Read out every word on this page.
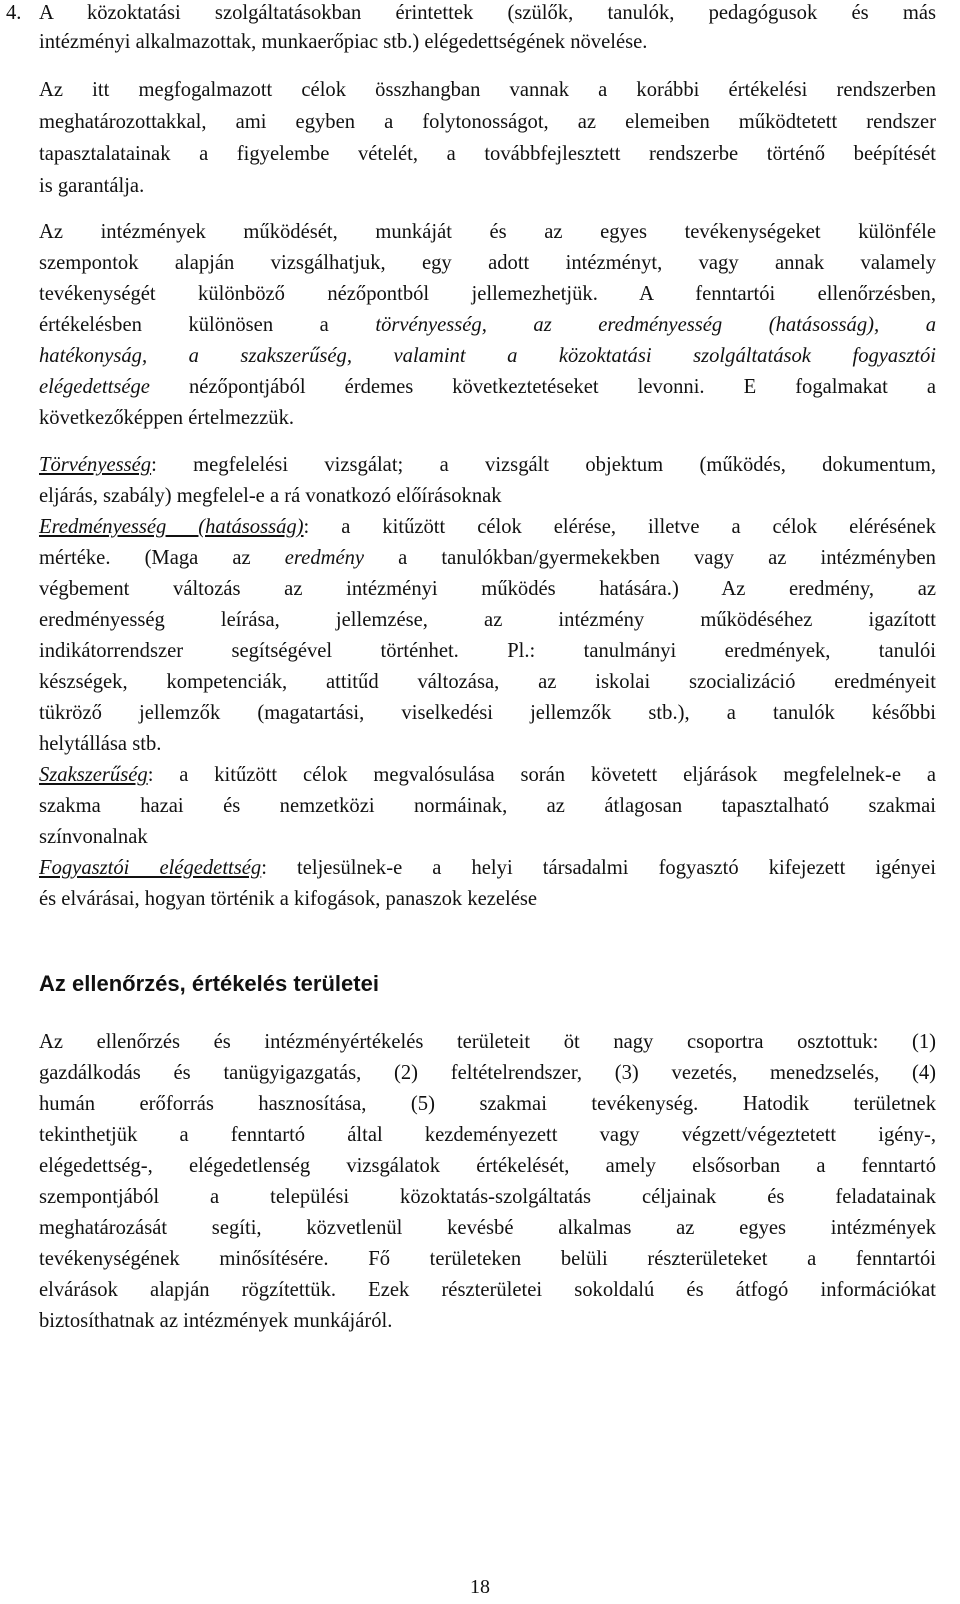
4. A közoktatási szolgáltatásokban érintettek (szülők, tanulók, pedagógusok és más
intézményi alkalmazottak, munkaerőpiac stb.) elégedettségének növelése.
Az itt megfogalmazott célok összhangban vannak a korábbi értékelési rendszerben
meghatározottakkal, ami egyben a folytonosságot, az elemeiben működtetett rendszer
tapasztalatainak a figyelembe vételét, a továbbfejlesztett rendszerbe történő beépítését
is garantálja.
Az intézmények működését, munkáját és az egyes tevékenységeket különféle
szempontok alapján vizsgálhatjuk, egy adott intézményt, vagy annak valamely
tevékenységét különböző nézőpontból jellemezhetjük. A fenntartói ellenőrzésben,
értékelésben különösen a törvényesség, az eredményesség (hatásosság), a
hatékonyság, a szakszerűség, valamint a közoktatási szolgáltatások fogyasztói
elégedettsége nézőpontjából érdemes következtetéseket levonni. E fogalmakat a
következőképpen értelmezzük.
Törvényesség: megfelelési vizsgálat; a vizsgált objektum (működés, dokumentum,
eljárás, szabály) megfelel-e a rá vonatkozó előírásoknak
Eredményesség (hatásosság): a kitűzött célok elérése, illetve a célok elérésének
mértéke. (Maga az eredmény a tanulókban/gyermekekben vagy az intézményben
végbement változás az intézményi működés hatására.) Az eredmény, az
eredményesség leírása, jellemzése, az intézmény működéséhez igazított
indikátorrendszer segítségével történhet. Pl.: tanulmányi eredmények, tanulói
készségek, kompetenciák, attitűd változása, az iskolai szocializáció eredményeit
tükröző jellemzők (magatartási, viselkedési jellemzők stb.), a tanulók későbbi
helytállása stb.
Szakszerűség: a kitűzött célok megvalósulása során követett eljárások megfelelnek-e a
szakma hazai és nemzetközi normáinak, az átlagosan tapasztalható szakmai
színvonalnak
Fogyasztói elégedettség: teljesülnek-e a helyi társadalmi fogyasztó kifejezett igényei
és elvárásai, hogyan történik a kifogások, panaszok kezelése
Az ellenőrzés, értékelés területei
Az ellenőrzés és intézményértékelés területeit öt nagy csoportra osztottuk: (1)
gazdálkodás és tanügyigazgatás, (2) feltételrendszer, (3) vezetés, menedzselés, (4)
humán erőforrás hasznosítása, (5) szakmai tevékenység. Hatodik területnek
tekinthetjük a fenntartó által kezdeményezett vagy végzett/végeztetett igény-,
elégedettség-, elégedetlenség vizsgálatok értékelését, amely elsősorban a fenntartó
szempontjából a települési közoktatás-szolgáltatás céljainak és feladatainak
meghatározását segíti, közvetlenül kevésbé alkalmas az egyes intézmények
tevékenységének minősítésére. Fő területeken belüli részterületeket a fenntartói
elvárások alapján rögzítettük. Ezek részterületei sokoldalú és átfogó információkat
biztosíthatnak az intézmények munkájáról.
18
